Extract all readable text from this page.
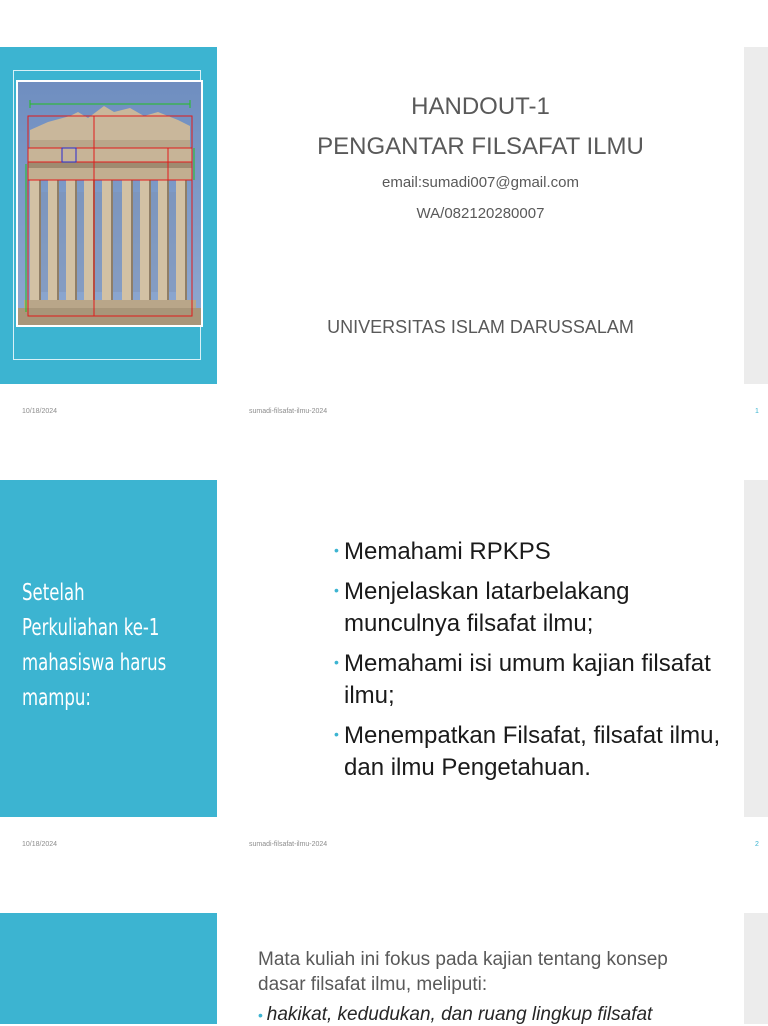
HANDOUT-1
PENGANTAR FILSAFAT ILMU
email:sumadi007@gmail.com
WA/082120280007
UNIVERSITAS ISLAM DARUSSALAM
10/18/2024	sumadi-filsafat-ilmu-2024	1
Setelah
Perkuliahan ke-1
mahasiswa harus
mampu:
• Memahami RPKPS
• Menjelaskan latarbelakang munculnya filsafat ilmu;
• Memahami isi umum kajian filsafat ilmu;
• Menempatkan Filsafat, filsafat ilmu, dan ilmu Pengetahuan.
10/18/2024	sumadi-filsafat-ilmu-2024	2
Mata kuliah ini fokus pada kajian tentang konsep dasar filsafat ilmu, meliputi:
• hakikat, kedudukan, dan ruang lingkup filsafat
